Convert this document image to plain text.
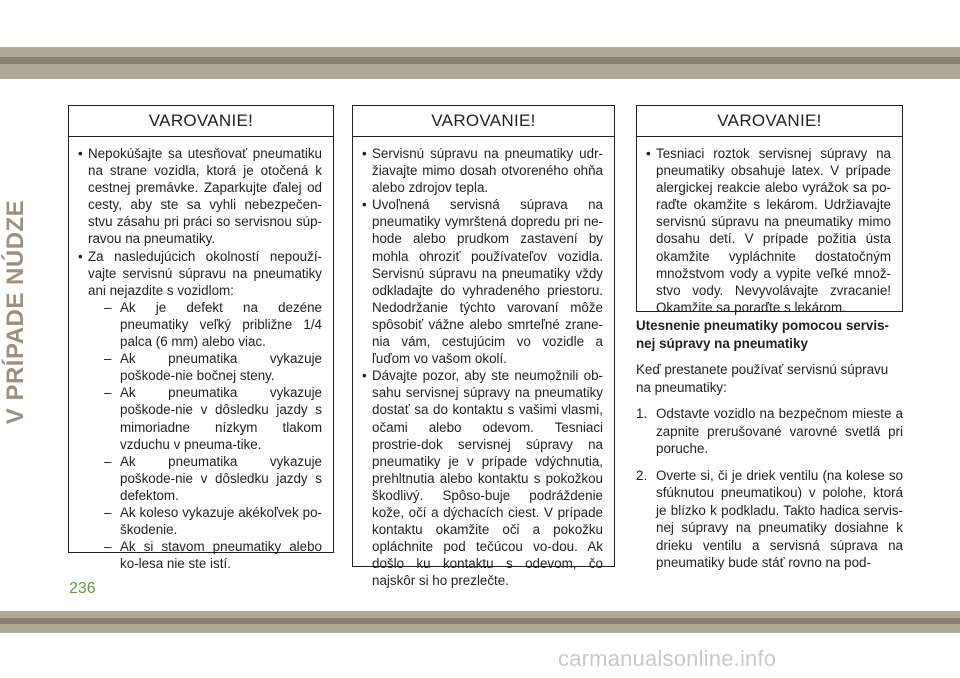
V PRÍPADE NÚDZE
VAROVANIE!
• Nepokúšajte sa utesňovať pneumatiku na strane vozidla, ktorá je otočená k cestnej premávke. Zaparkujte ďalej od cesty, aby ste sa vyhli nebezpečen-stvu zásahu pri práci so servisnou súp-ravou na pneumatiky.
• Za nasledujúcich okolností nepouží-vajte servisnú súpravu na pneumatiky ani nejazdite s vozidlom:
– Ak je defekt na dezéne pneumatiky veľký približne 1/4 palca (6 mm) alebo viac.
– Ak pneumatika vykazuje poškode-nie bočnej steny.
– Ak pneumatika vykazuje poškode-nie v dôsledku jazdy s mimoriadne nízkym tlakom vzduchu v pneuma-tike.
– Ak pneumatika vykazuje poškode-nie v dôsledku jazdy s defektom.
– Ak koleso vykazuje akékoľvek po-škodenie.
– Ak si stavom pneumatiky alebo ko-lesa nie ste istí.
VAROVANIE!
• Servisnú súpravu na pneumatiky udr-žiavajte mimo dosah otvoreného ohňa alebo zdrojov tepla.
• Uvoľnená servisná súprava na pneumatiky vymrštená dopredu pri ne-hode alebo prudkom zastavení by mohla ohroziť používateľov vozidla. Servisnú súpravu na pneumatiky vždy odkladajte do vyhradeného priestoru. Nedodržanie týchto varovaní môže spôsobiť vážne alebo smrteľné zrane-nia vám, cestujúcim vo vozidle a ľuďom vo vašom okolí.
• Dávajte pozor, aby ste neumožnili ob-sahu servisnej súpravy na pneumatiky dostať sa do kontaktu s vašimi vlasmi, očami alebo odevom. Tesniaci prostrie-dok servisnej súpravy na pneumatiky je v prípade vdýchnutia, prehltnutia alebo kontaktu s pokožkou škodlivý. Spôso-buje podráždenie kože, očí a dýchacích ciest. V prípade kontaktu okamžite oči a pokožku opláchnite pod tečúcou vo-dou. Ak došlo ku kontaktu s odevom, čo najskôr si ho prezlečte.
VAROVANIE!
• Tesniaci roztok servisnej súpravy na pneumatiky obsahuje latex. V prípade alergickej reakcie alebo vyrážok sa po-raďte okamžite s lekárom. Udržiavajte servisnú súpravu na pneumatiky mimo dosahu detí. V prípade požitia ústa okamžite vypláchnite dostatočným množstvom vody a vypite veľké množ-stvo vody. Nevyvolávajte zvracanie! Okamžite sa poraďte s lekárom.
Utesnenie pneumatiky pomocou servis-nej súpravy na pneumatiky
Keď prestanete používať servisnú súpravu na pneumatiky:
1. Odstavte vozidlo na bezpečnom mieste a zapnite prerušované varovné svetlá pri poruche.
2. Overte si, či je driek ventilu (na kolese so sfúknutou pneumatikou) v polohe, ktorá je blízko k podkladu. Takto hadica servis-nej súpravy na pneumatiky dosiahne k drieku ventilu a servisná súprava na pneumatiky bude stáť rovno na pod-
236
carmanualsonline.info
